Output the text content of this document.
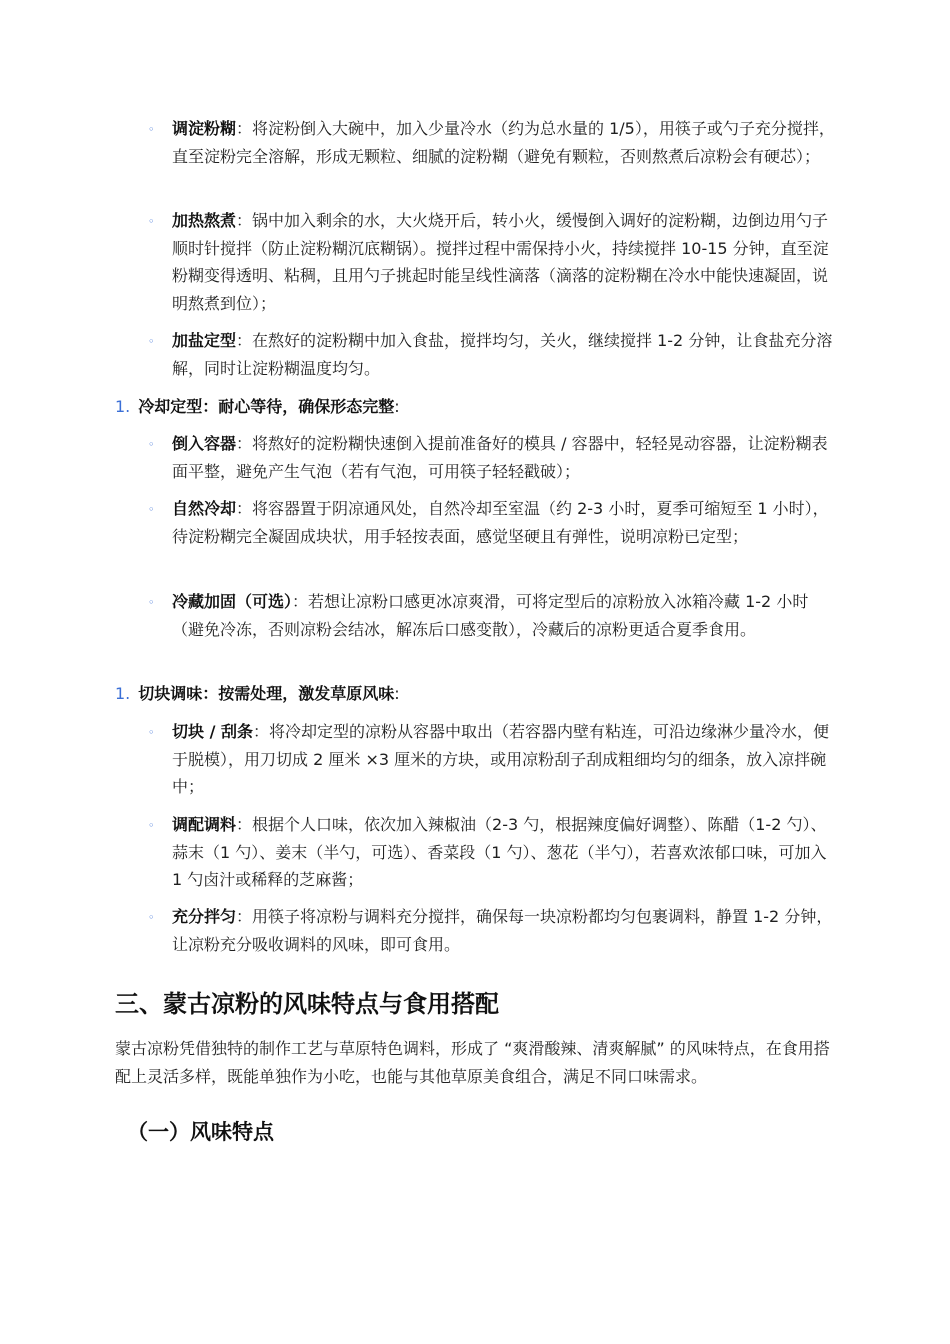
◦ 调淀粉糊：将淀粉倒入大碗中，加入少量冷水（约为总水量的 1/5），用筷子或勺子充分搅拌，直至淀粉完全溶解，形成无颗粒、细腻的淀粉糊（避免有颗粒，否则熬煮后凉粉会有硬芯）；
◦ 加热熬煮：锅中加入剩余的水，大火烧开后，转小火，缓慢倒入调好的淀粉糊，边倒边用勺子顺时针搅拌（防止淀粉糊沉底糊锅）。搅拌过程中需保持小火，持续搅拌 10-15 分钟，直至淀粉糊变得透明、粘稠，且用勺子挑起时能呈线性滴落（滴落的淀粉糊在冷水中能快速凝固，说明熬煮到位）；
◦ 加盐定型：在熬好的淀粉糊中加入食盐，搅拌均匀，关火，继续搅拌 1-2 分钟，让食盐充分溶解，同时让淀粉糊温度均匀。
1. 冷却定型：耐心等待，确保形态完整:
◦ 倒入容器：将熬好的淀粉糊快速倒入提前准备好的模具 / 容器中，轻轻晃动容器，让淀粉糊表面平整，避免产生气泡（若有气泡，可用筷子轻轻戳破）；
◦ 自然冷却：将容器置于阴凉通风处，自然冷却至室温（约 2-3 小时，夏季可缩短至 1 小时），待淀粉糊完全凝固成块状，用手轻按表面，感觉坚硬且有弹性，说明凉粉已定型；
◦ 冷藏加固（可选）：若想让凉粉口感更冰凉爽滑，可将定型后的凉粉放入冰箱冷藏 1-2 小时（避免冷冻，否则凉粉会结冰，解冻后口感变散），冷藏后的凉粉更适合夏季食用。
1. 切块调味：按需处理，激发草原风味:
◦ 切块 / 刮条：将冷却定型的凉粉从容器中取出（若容器内壁有粘连，可沿边缘淋少量冷水，便于脱模），用刀切成 2 厘米 ×3 厘米的方块，或用凉粉刮子刮成粗细均匀的细条，放入凉拌碗中；
◦ 调配调料：根据个人口味，依次加入辣椒油（2-3 勺，根据辣度偏好调整）、陈醋（1-2 勺）、蒜末（1 勺）、姜末（半勺，可选）、香菜段（1 勺）、葱花（半勺），若喜欢浓郁口味，可加入 1 勺卤汁或稀释的芝麻酱；
◦ 充分拌匀：用筷子将凉粉与调料充分搅拌，确保每一块凉粉都均匀包裹调料，静置 1-2 分钟，让凉粉充分吸收调料的风味，即可食用。
三、蒙古凉粉的风味特点与食用搭配
蒙古凉粉凭借独特的制作工艺与草原特色调料，形成了 “爽滑酸辣、清爽解腻” 的风味特点，在食用搭配上灵活多样，既能单独作为小吃，也能与其他草原美食组合，满足不同口味需求。
（一）风味特点
